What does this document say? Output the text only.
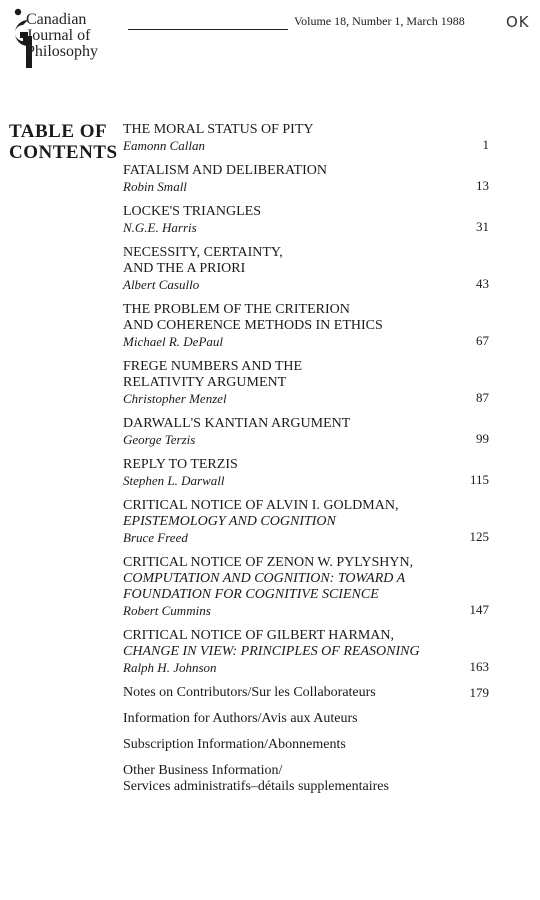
Canadian
Journal of
Philosophy
Volume 18, Number 1, March 1988	OK
TABLE OF
CONTENTS
THE MORAL STATUS OF PITY
Eamonn Callan	1
FATALISM AND DELIBERATION
Robin Small	13
LOCKE'S TRIANGLES
N.G.E. Harris	31
NECESSITY, CERTAINTY,
AND THE A PRIORI
Albert Casullo	43
THE PROBLEM OF THE CRITERION
AND COHERENCE METHODS IN ETHICS
Michael R. DePaul	67
FREGE NUMBERS AND THE
RELATIVITY ARGUMENT
Christopher Menzel	87
DARWALL'S KANTIAN ARGUMENT
George Terzis	99
REPLY TO TERZIS
Stephen L. Darwall	115
CRITICAL NOTICE OF ALVIN I. GOLDMAN,
EPISTEMOLOGY AND COGNITION
Bruce Freed	125
CRITICAL NOTICE OF ZENON W. PYLYSHYN,
COMPUTATION AND COGNITION: TOWARD A
FOUNDATION FOR COGNITIVE SCIENCE
Robert Cummins	147
CRITICAL NOTICE OF GILBERT HARMAN,
CHANGE IN VIEW: PRINCIPLES OF REASONING
Ralph H. Johnson	163
Notes on Contributors/Sur les Collaborateurs	179
Information for Authors/Avis aux Auteurs
Subscription Information/Abonnements
Other Business Information/
Services administratifs–détails supplementaires
